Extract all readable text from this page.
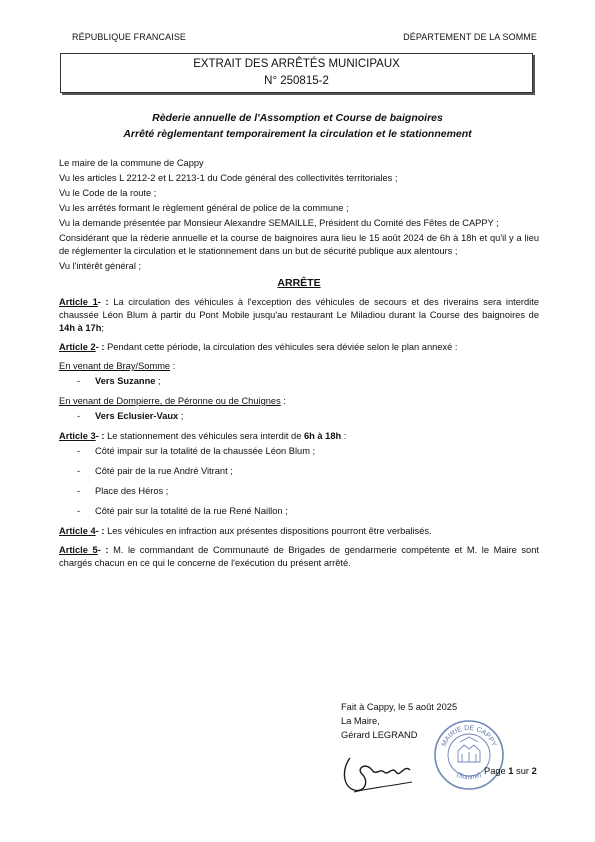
RÉPUBLIQUE FRANCAISE	DÉPARTEMENT DE LA SOMME
EXTRAIT DES ARRÊTÉS MUNICIPAUX
N° 250815-2
Rèderie annuelle de l'Assomption et Course de baignoires
Arrêté règlementant temporairement la circulation et le stationnement

Le maire de la commune de Cappy

Vu les articles L 2212-2 et L 2213-1 du Code général des collectivités territoriales ;

Vu le Code de la route ;

Vu les arrêtés formant le règlement général de police de la commune ;

Vu la demande présentée par Monsieur Alexandre SEMAILLE, Président du Comité des Fêtes de CAPPY ;

Considérant que la rèderie annuelle et la course de baignoires aura lieu le 15 août 2024 de 6h à 18h et qu'il y a lieu de réglementer la circulation et le stationnement dans un but de sécurité publique aux alentours ;

Vu l'intérêt général ;

ARRÊTE

Article 1- : La circulation des véhicules à l'exception des véhicules de secours et des riverains sera interdite chaussée Léon Blum à partir du Pont Mobile jusqu'au restaurant Le Miladiou durant la Course des baignoires de 14h à 17h;

Article 2- : Pendant cette période, la circulation des véhicules sera déviée selon le plan annexé :

En venant de Bray/Somme :

- Vers Suzanne ;

En venant de Dompierre, de Péronne ou de Chuignes :

- Vers Eclusier-Vaux ;

Article 3- : Le stationnement des véhicules sera interdit de 6h à 18h :

- Côté impair sur la totalité de la chaussée Léon Blum ;
- Côté pair de la rue André Vitrant ;
- Place des Héros ;
- Côté pair sur la totalité de la rue René Naillon ;

Article 4- : Les véhicules en infraction aux présentes dispositions pourront être verbalisés.

Article 5- : M. le commandant de Communauté de Brigades de gendarmerie compétente et M. le Maire sont chargés chacun en ce qui le concerne de l'exécution du présent arrêté.

Fait à Cappy, le 5 août 2025
La Maire,
Gérard LEGRAND
MAIRIE DE CAPPY
(Somme) Page 1 sur 2
